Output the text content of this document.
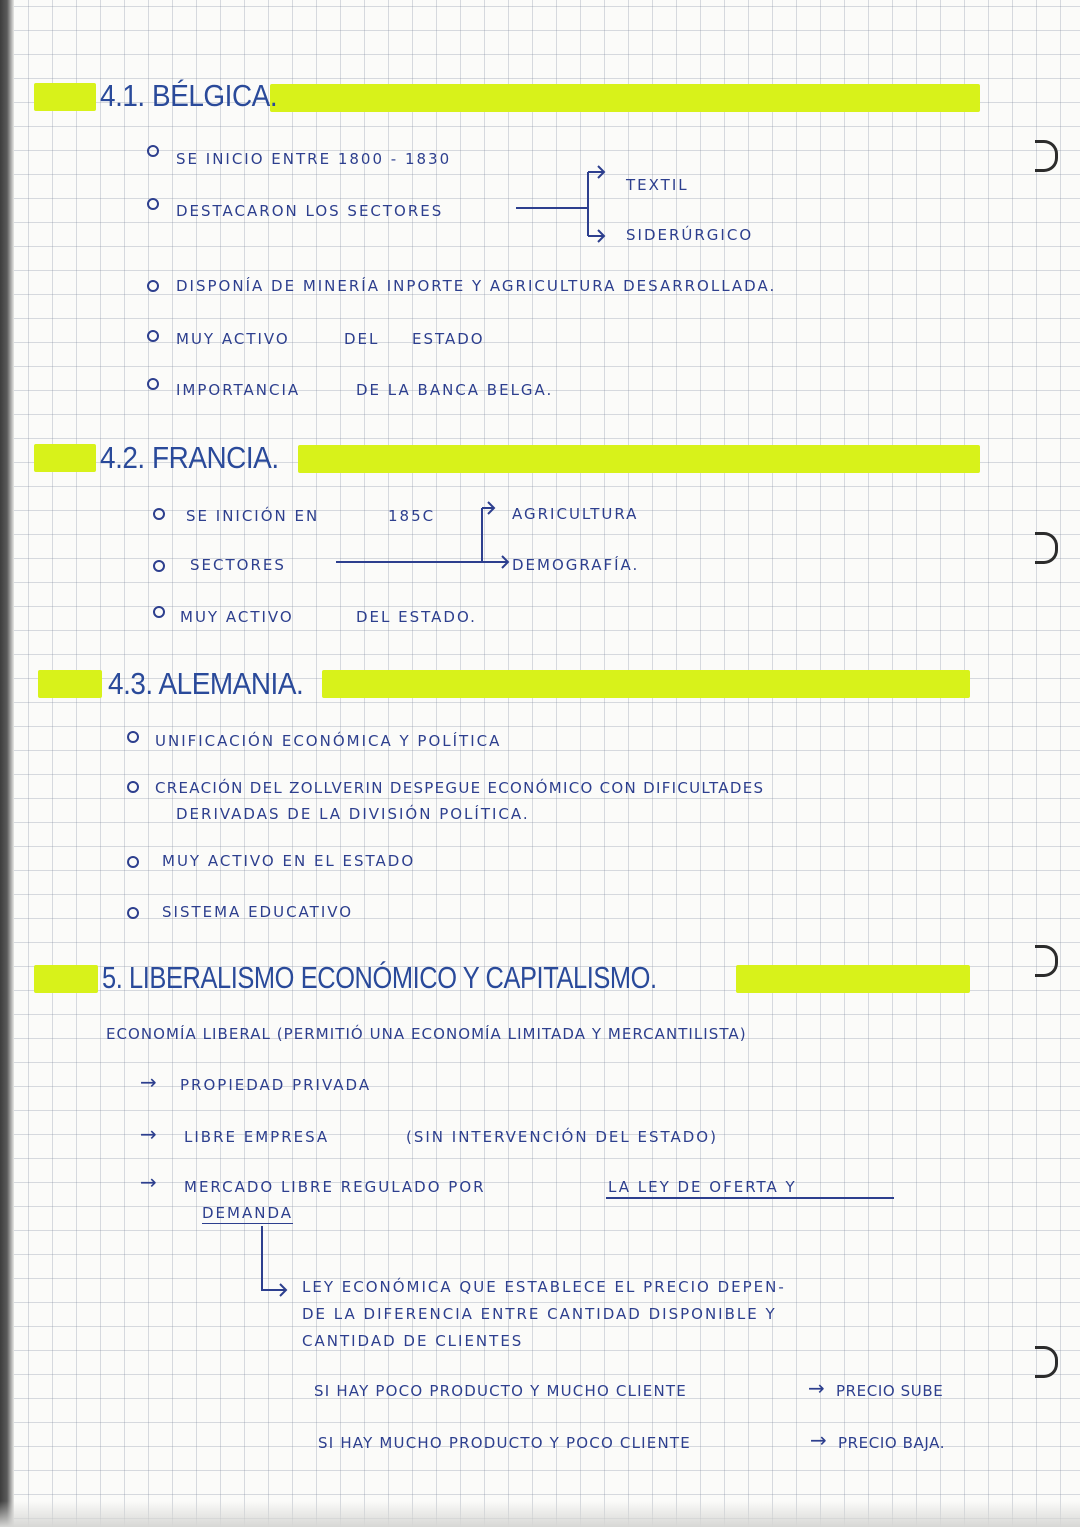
4.1. BÉLGICA.
SE INICIO ENTRE 1800 - 1830
DESTACARON LOS SECTORES
TEXTIL
SIDERÚRGICO
DISPONÍA DE MINERÍA INPORTE Y AGRICULTURA DESARROLLADA.
MUY ACTIVO	DEL ESTADO
IMPORTANCIA	DE LA BANCA BELGA.
4.2. FRANCIA.
SE INICIÓN EN	185C
SECTORES
AGRICULTURA
DEMOGRAFÍA.
MUY ACTIVO	DEL ESTADO.
4.3. ALEMANIA.
UNIFICACIÓN ECONÓMICA Y POLÍTICA
CREACIÓN DEL ZOLLVERIN DESPEGUE ECONÓMICO CON DIFICULTADES
DERIVADAS DE LA DIVISIÓN POLÍTICA.
MUY ACTIVO EN EL ESTADO
SISTEMA EDUCATIVO
5. LIBERALISMO ECONÓMICO Y CAPITALISMO.
ECONOMÍA LIBERAL (PERMITIÓ UNA ECONOMÍA LIMITADA Y MERCANTILISTA)
→ PROPIEDAD PRIVADA
→ LIBRE EMPRESA	(SIN INTERVENCIÓN DEL ESTADO)
→ MERCADO LIBRE REGULADO POR	LA LEY DE OFERTA Y
DEMANDA
LEY ECONÓMICA QUE ESTABLECE EL PRECIO DEPEN-
DE LA DIFERENCIA ENTRE CANTIDAD DISPONIBLE Y
CANTIDAD DE CLIENTES
SI HAY POCO PRODUCTO Y MUCHO CLIENTE	→ PRECIO SUBE
SI HAY MUCHO PRODUCTO Y POCO CLIENTE	→ PRECIO BAJA.
